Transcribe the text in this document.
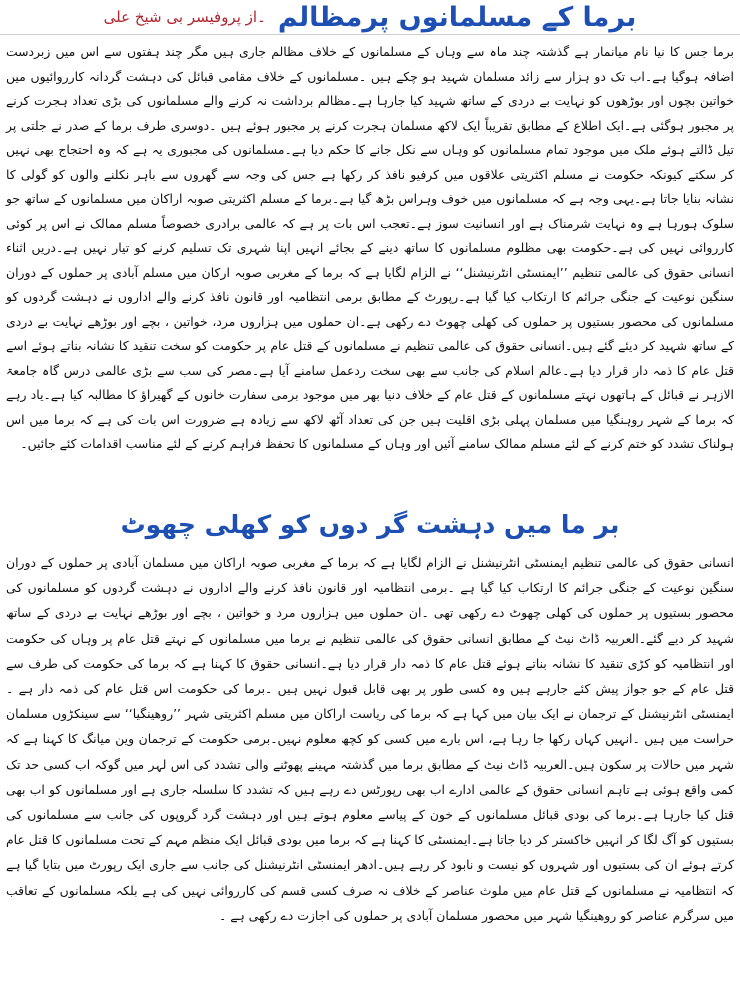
برما کے مسلمانوں پرمظالم
۔از پروفیسر بی شیخ علی

برما جس کا نیا نام میانمار ہے گذشتہ چند ماہ سے وہاں کے مسلمانوں کے خلاف مظالم جاری ہیں مگر چند ہفتوں سے اس میں زبردست اضافہ ہوگیا ہے۔اب تک دو ہزار سے زائد مسلمان شہید ہو چکے ہیں ۔مسلمانوں کے خلاف مقامی قبائل کی دہشت گردانہ کارروائیوں میں خواتین بچوں اور بوڑھوں کو نہایت بے دردی کے ساتھ شہید کیا جارہا ہے۔مظالم برداشت نہ کرنے والے مسلمانوں کی بڑی تعداد ہجرت کرنے پر مجبور ہوگئی ہے۔ایک اطلاع کے مطابق تقریباً ایک لاکھ مسلمان ہجرت کرنے پر مجبور ہوئے ہیں ۔دوسری طرف برما کے صدر نے جلتی پر تیل ڈالتے ہوئے ملک میں موجود تمام مسلمانوں کو وہاں سے نکل جانے کا حکم دیا ہے۔مسلمانوں کی مجبوری یہ ہے کہ وہ احتجاج بھی نہیں کر سکتے کیونکہ حکومت نے مسلم اکثریتی علاقوں میں کرفیو نافذ کر رکھا ہے جس کی وجہ سے گھروں سے باہر نکلنے والوں کو گولی کا نشانہ بنایا جاتا ہے۔یہی وجہ ہے کہ مسلمانوں میں خوف وہراس بڑھ گیا ہے۔برما کے مسلم اکثریتی صوبہ اراکان میں مسلمانوں کے ساتھ جو سلوک ہورہا ہے وہ نہایت شرمناک ہے اور انسانیت سوز ہے۔تعجب اس بات پر ہے کہ عالمی برادری خصوصاً مسلم ممالک نے اس پر کوئی کارروائی نہیں کی ہے۔حکومت بھی مظلوم مسلمانوں کا ساتھ دینے کے بجائے انہیں اپنا شہری تک تسلیم کرنے کو تیار نہیں ہے۔دریں اثناء انسانی حقوق کی عالمی تنظیم ’’ایمنسٹی انٹرنیشنل‘‘ نے الزام لگایا ہے کہ برما کے مغربی صوبہ ارکان میں مسلم آبادی پر حملوں کے دوران سنگین نوعیت کے جنگی جرائم کا ارتکاب کیا گیا ہے۔رپورٹ کے مطابق برمی انتظامیہ اور قانون نافذ کرنے والے اداروں نے دہشت گردوں کو مسلمانوں کی محصور بستیوں پر حملوں کی کھلی چھوٹ دے رکھی ہے۔ان حملوں میں ہزاروں مرد، خواتین ، بچے اور بوڑھے نہایت بے دردی کے ساتھ شہید کر دیئے گئے ہیں۔انسانی حقوق کی عالمی تنظیم نے مسلمانوں کے قتل عام پر حکومت کو سخت تنقید کا نشانہ بناتے ہوئے اسے قتل عام کا ذمہ دار قرار دیا ہے۔عالم اسلام کی جانب سے بھی سخت ردعمل سامنے آیا ہے۔مصر کی سب سے بڑی عالمی درس گاہ جامعۃ الازہر نے قبائل کے ہاتھوں نہتے مسلمانوں کے قتل عام کے خلاف دنیا بھر میں موجود برمی سفارت خانوں کے گھیراؤ کا مطالبہ کیا ہے۔یاد رہے کہ برما کے شہر روہنگیا میں مسلمان پہلی بڑی اقلیت ہیں جن کی تعداد آٹھ لاکھ سے زیادہ ہے ضرورت اس بات کی ہے کہ برما میں اس ہولناک تشدد کو ختم کرنے کے لئے مسلم ممالک سامنے آئیں اور وہاں کے مسلمانوں کا تحفظ فراہم کرنے کے لئے مناسب اقدامات کئے جائیں۔

بر ما میں دہشت گر دوں کو کھلی چھوٹ

انسانی حقوق کی عالمی تنظیم ایمنسٹی انٹرنیشنل نے الزام لگایا ہے کہ برما کے مغربی صوبہ اراکان میں مسلمان آبادی پر حملوں کے دوران سنگین نوعیت کے جنگی جرائم کا ارتکاب کیا گیا ہے ۔برمی انتظامیہ اور قانون نافذ کرنے والے اداروں نے دہشت گردوں کو مسلمانوں کی محصور بستیوں پر حملوں کی کھلی چھوٹ دے رکھی تھی ۔ان حملوں میں ہزاروں مرد و خواتین ، بچے اور بوڑھے نہایت بے دردی کے ساتھ شہید کر دیے گئے۔العربیہ ڈاٹ نیٹ کے مطابق انسانی حقوق کی عالمی تنظیم نے برما میں مسلمانوں کے نہتے قتل عام پر وہاں کی حکومت اور انتظامیہ کو کڑی تنقید کا نشانہ بناتے ہوئے قتل عام کا ذمہ دار قرار دیا ہے۔انسانی حقوق کا کہنا ہے کہ برما کی حکومت کی طرف سے قتل عام کے جو جواز پیش کئے جارہے ہیں وہ کسی طور پر بھی قابل قبول نہیں ہیں ۔برما کی حکومت اس قتل عام کی ذمہ دار ہے ۔ایمنسٹی انٹرنیشنل کے ترجمان نے ایک بیان میں کہا ہے کہ برما کی ریاست اراکان میں مسلم اکثریتی شہر ’’روھینگیا‘‘ سے سینکڑوں مسلمان حراست میں ہیں ۔انہیں کہاں رکھا جا رہا ہے، اس بارے میں کسی کو کچھ معلوم نہیں۔برمی حکومت کے ترجمان وین میانگ کا کہنا ہے کہ شہر میں حالات پر سکون ہیں۔العربیہ ڈاٹ نیٹ کے مطابق برما میں گذشتہ مہینے پھوٹنے والی تشدد کی اس لہر میں گوکہ اب کسی حد تک کمی واقع ہوئی ہے تاہم انسانی حقوق کے عالمی ادارے اب بھی رپورٹس دے رہے ہیں کہ تشدد کا سلسلہ جاری ہے اور مسلمانوں کو اب بھی قتل کیا جارہا ہے۔برما کی بودی قبائل مسلمانوں کے خون کے پیاسے معلوم ہوتے ہیں اور دہشت گرد گروپوں کی جانب سے مسلمانوں کی بستیوں کو آگ لگا کر انہیں خاکستر کر دیا جاتا ہے۔ایمنسٹی کا کہنا ہے کہ برما میں بودی قبائل ایک منظم مہم کے تحت مسلمانوں کا قتل عام کرتے ہوئے ان کی بستیوں اور شہروں کو نیست و نابود کر رہے ہیں۔ادھر ایمنسٹی انٹرنیشنل کی جانب سے جاری ایک رپورٹ میں بتایا گیا ہے کہ انتظامیہ نے مسلمانوں کے قتل عام میں ملوث عناصر کے خلاف نہ صرف کسی قسم کی کارروائی نہیں کی ہے بلکہ مسلمانوں کے تعاقب میں سرگرم عناصر کو روھینگیا شہر میں محصور مسلمان آبادی پر حملوں کی اجازت دے رکھی ہے ۔
